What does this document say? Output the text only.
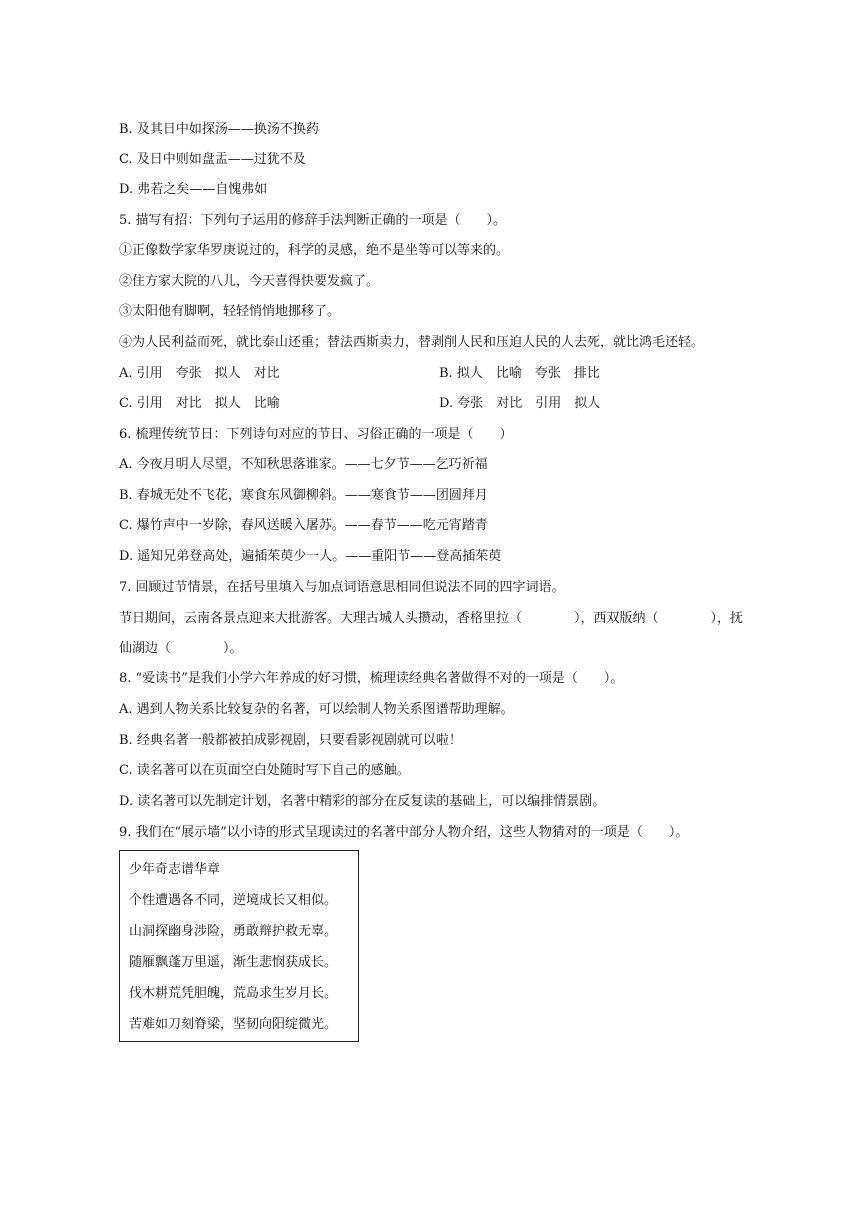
B. 及其日中如探汤——换汤不换药
C. 及日中则如盘盂——过犹不及
D. 弗若之矣——自愧弗如
5. 描写有招：下列句子运用的修辞手法判断正确的一项是（　　）。
①正像数学家华罗庚说过的，科学的灵感，绝不是坐等可以等来的。
②住方家大院的八儿，今天喜得快要发疯了。
③太阳他有脚啊，轻轻悄悄地挪移了。
④为人民利益而死，就比泰山还重；替法西斯卖力，替剥削人民和压迫人民的人去死，就比鸿毛还轻。
A. 引用　夸张　拟人　对比	B. 拟人　比喻　夸张　排比
C. 引用　对比　拟人　比喻	D. 夸张　对比　引用　拟人
6. 梳理传统节日：下列诗句对应的节日、习俗正确的一项是（　　）
A. 今夜月明人尽望，不知秋思落谁家。——七夕节——乞巧祈福
B. 春城无处不飞花，寒食东风御柳斜。——寒食节——团圆拜月
C. 爆竹声中一岁除，春风送暖入屠苏。——春节——吃元宵踏青
D. 遥知兄弟登高处，遍插茱萸少一人。——重阳节——登高插茱萸
7. 回顾过节情景，在括号里填入与加点词语意思相同但说法不同的四字词语。
节日期间，云南各景点迎来大批游客。大理古城人头攒动，香格里拉（　　　　），西双版纳（　　　　），抚
仙湖边（　　　　）。
8. “爱读书”是我们小学六年养成的好习惯，梳理读经典名著做得不对的一项是（　　）。
A. 遇到人物关系比较复杂的名著，可以绘制人物关系图谱帮助理解。
B. 经典名著一般都被拍成影视剧，只要看影视剧就可以啦！
C. 读名著可以在页面空白处随时写下自己的感触。
D. 读名著可以先制定计划，名著中精彩的部分在反复读的基础上，可以编排情景剧。
9. 我们在“展示墙”以小诗的形式呈现读过的名著中部分人物介绍，这些人物猜对的一项是（　　）。
少年奇志谱华章
个性遭遇各不同，逆境成长又相似。
山洞探幽身涉险，勇敢辩护救无辜。
随雁飘蓬万里遥，渐生悲悯获成长。
伐木耕荒凭胆魄，荒岛求生岁月长。
苦难如刀刻脊梁，坚韧向阳绽微光。
